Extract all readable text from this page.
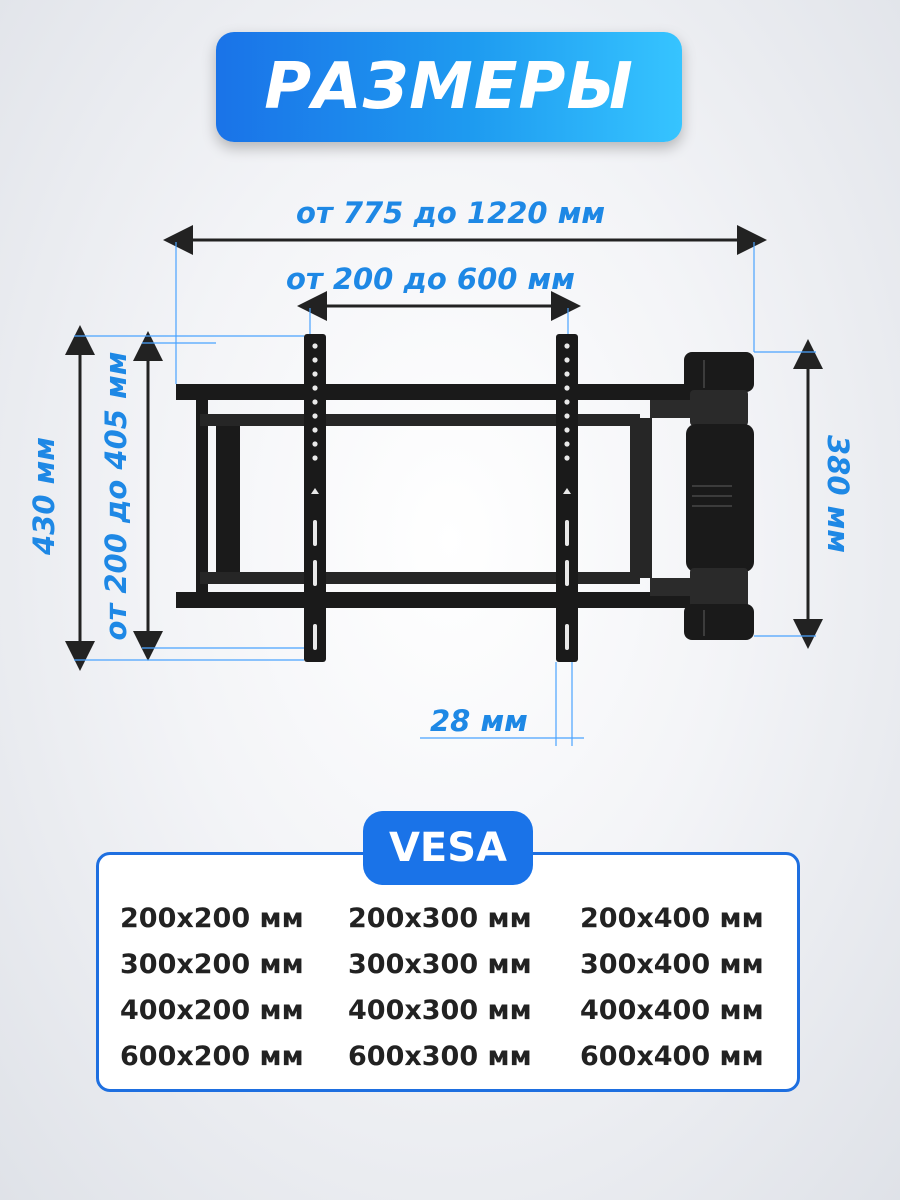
РАЗМЕРЫ
от 775 до 1220 мм
от 200 до 600 мм
430 мм от 200 до 405 мм	380 мм
28 мм
VESA
200x200 мм	200x300 мм	200x400 мм
300x200 мм	300x300 мм	300x400 мм
400x200 мм	400x300 мм	400x400 мм
600x200 мм	600x300 мм	600x400 мм
